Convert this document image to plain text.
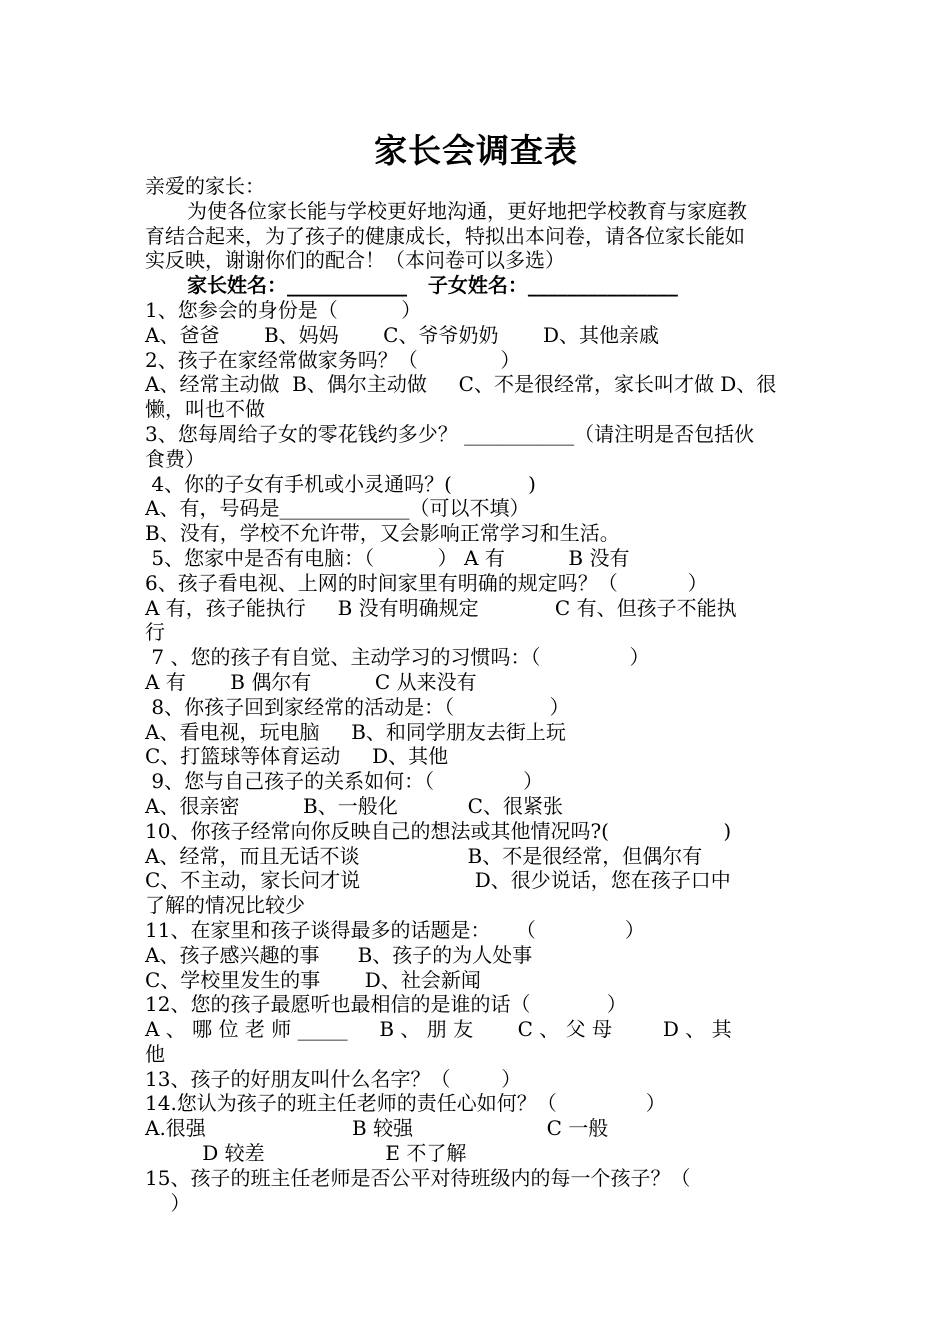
家长会调查表
亲爱的家长：
为使各位家长能与学校更好地沟通，更好地把学校教育与家庭教
育结合起来，为了孩子的健康成长，特拟出本问卷，请各位家长能如
实反映，谢谢你们的配合！（本问卷可以多选）
家长姓名：____________   子女姓名：_______________
1、您参会的身份是（          ）
A、爸爸       B、妈妈       C、爷爷奶奶       D、其他亲戚
2、孩子在家经常做家务吗？（             ）
A、经常主动做  B、偶尔主动做     C、不是很经常，家长叫才做 D、很
懒，叫也不做
3、您每周给子女的零花钱约多少？ ___________（请注明是否包括伙
食费）
4、你的子女有手机或小灵通吗？(            )
A、有，号码是_____________（可以不填）
B、没有，学校不允许带，又会影响正常学习和生活。
5、您家中是否有电脑：（          ） A 有          B 没有
6、孩子看电视、上网的时间家里有明确的规定吗？（           ）
A 有，孩子能执行     B 没有明确规定            C 有、但孩子不能执
行
7 、您的孩子有自觉、主动学习的习惯吗：（              ）
A 有       B 偶尔有          C 从来没有
8、你孩子回到家经常的活动是：（               ）
A、看电视，玩电脑     B、和同学朋友去街上玩
C、打篮球等体育运动     D、其他
9、您与自己孩子的关系如何：（              ）
A、很亲密          B、一般化           C、很紧张
10、你孩子经常向你反映自己的想法或其他情况吗?(                  )
A、经常，而且无话不谈                 B、不是很经常，但偶尔有
C、不主动，家长问才说                  D、很少说话，您在孩子口中
了解的情况比较少
11、在家里和孩子谈得最多的话题是：    （              ）
A、孩子感兴趣的事      B、孩子的为人处事
C、学校里发生的事       D、社会新闻
12、您的孩子最愿听也最相信的是谁的话（            ）
A 、 哪 位 老 师 _____     B 、 朋 友       C 、 父 母        D 、 其
他
13、孩子的好朋友叫什么名字？（        ）
14.您认为孩子的班主任老师的责任心如何？（              ）
A.很强                       B 较强                     C 一般
D 较差                   E 不了解
15、孩子的班主任老师是否公平对待班级内的每一个孩子？（
）
